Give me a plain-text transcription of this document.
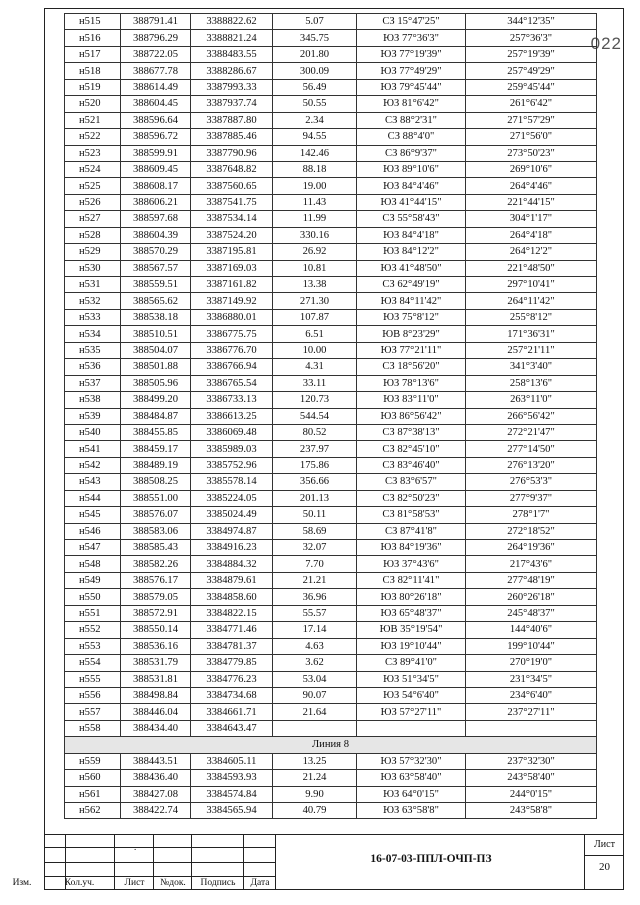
022
н515	388791.41	3388822.62	5.07	СЗ 15°47'25"	344°12'35"
н516	388796.29	3388821.24	345.75	ЮЗ 77°36'3"	257°36'3"
н517	388722.05	3388483.55	201.80	ЮЗ 77°19'39"	257°19'39"
н518	388677.78	3388286.67	300.09	ЮЗ 77°49'29"	257°49'29"
н519	388614.49	3387993.33	56.49	ЮЗ 79°45'44"	259°45'44"
н520	388604.45	3387937.74	50.55	ЮЗ 81°6'42"	261°6'42"
н521	388596.64	3387887.80	2.34	СЗ 88°2'31"	271°57'29"
н522	388596.72	3387885.46	94.55	СЗ 88°4'0"	271°56'0"
н523	388599.91	3387790.96	142.46	СЗ 86°9'37"	273°50'23"
н524	388609.45	3387648.82	88.18	ЮЗ 89°10'6"	269°10'6"
н525	388608.17	3387560.65	19.00	ЮЗ 84°4'46"	264°4'46"
н526	388606.21	3387541.75	11.43	ЮЗ 41°44'15"	221°44'15"
н527	388597.68	3387534.14	11.99	СЗ 55°58'43"	304°1'17"
н528	388604.39	3387524.20	330.16	ЮЗ 84°4'18"	264°4'18"
н529	388570.29	3387195.81	26.92	ЮЗ 84°12'2"	264°12'2"
н530	388567.57	3387169.03	10.81	ЮЗ 41°48'50"	221°48'50"
н531	388559.51	3387161.82	13.38	СЗ 62°49'19"	297°10'41"
н532	388565.62	3387149.92	271.30	ЮЗ 84°11'42"	264°11'42"
н533	388538.18	3386880.01	107.87	ЮЗ 75°8'12"	255°8'12"
н534	388510.51	3386775.75	6.51	ЮВ 8°23'29"	171°36'31"
н535	388504.07	3386776.70	10.00	ЮЗ 77°21'11"	257°21'11"
н536	388501.88	3386766.94	4.31	СЗ 18°56'20"	341°3'40"
н537	388505.96	3386765.54	33.11	ЮЗ 78°13'6"	258°13'6"
н538	388499.20	3386733.13	120.73	ЮЗ 83°11'0"	263°11'0"
н539	388484.87	3386613.25	544.54	ЮЗ 86°56'42"	266°56'42"
н540	388455.85	3386069.48	80.52	СЗ 87°38'13"	272°21'47"
н541	388459.17	3385989.03	237.97	СЗ 82°45'10"	277°14'50"
н542	388489.19	3385752.96	175.86	СЗ 83°46'40"	276°13'20"
н543	388508.25	3385578.14	356.66	СЗ 83°6'57"	276°53'3"
н544	388551.00	3385224.05	201.13	СЗ 82°50'23"	277°9'37"
н545	388576.07	3385024.49	50.11	СЗ 81°58'53"	278°1'7"
н546	388583.06	3384974.87	58.69	СЗ 87°41'8"	272°18'52"
н547	388585.43	3384916.23	32.07	ЮЗ 84°19'36"	264°19'36"
н548	388582.26	3384884.32	7.70	ЮЗ 37°43'6"	217°43'6"
н549	388576.17	3384879.61	21.21	СЗ 82°11'41"	277°48'19"
н550	388579.05	3384858.60	36.96	ЮЗ 80°26'18"	260°26'18"
н551	388572.91	3384822.15	55.57	ЮЗ 65°48'37"	245°48'37"
н552	388550.14	3384771.46	17.14	ЮВ 35°19'54"	144°40'6"
н553	388536.16	3384781.37	4.63	ЮЗ 19°10'44"	199°10'44"
н554	388531.79	3384779.85	3.62	СЗ 89°41'0"	270°19'0"
н555	388531.81	3384776.23	53.04	ЮЗ 51°34'5"	231°34'5"
н556	388498.84	3384734.68	90.07	ЮЗ 54°6'40"	234°6'40"
н557	388446.04	3384661.71	21.64	ЮЗ 57°27'11"	237°27'11"
н558	388434.40	3384643.47			
Линия 8					
н559	388443.51	3384605.11	13.25	ЮЗ 57°32'30"	237°32'30"
н560	388436.40	3384593.93	21.24	ЮЗ 63°58'40"	243°58'40"
н561	388427.08	3384574.84	9.90	ЮЗ 64°0'15"	244°0'15"
н562	388422.74	3384565.94	40.79	ЮЗ 63°58'8"	243°58'8"
.
Изм.	Кол.уч.	Лист	№док.	Подпись	Дата
16-07-03-ППЛ-ОЧП-ПЗ
Лист
20
